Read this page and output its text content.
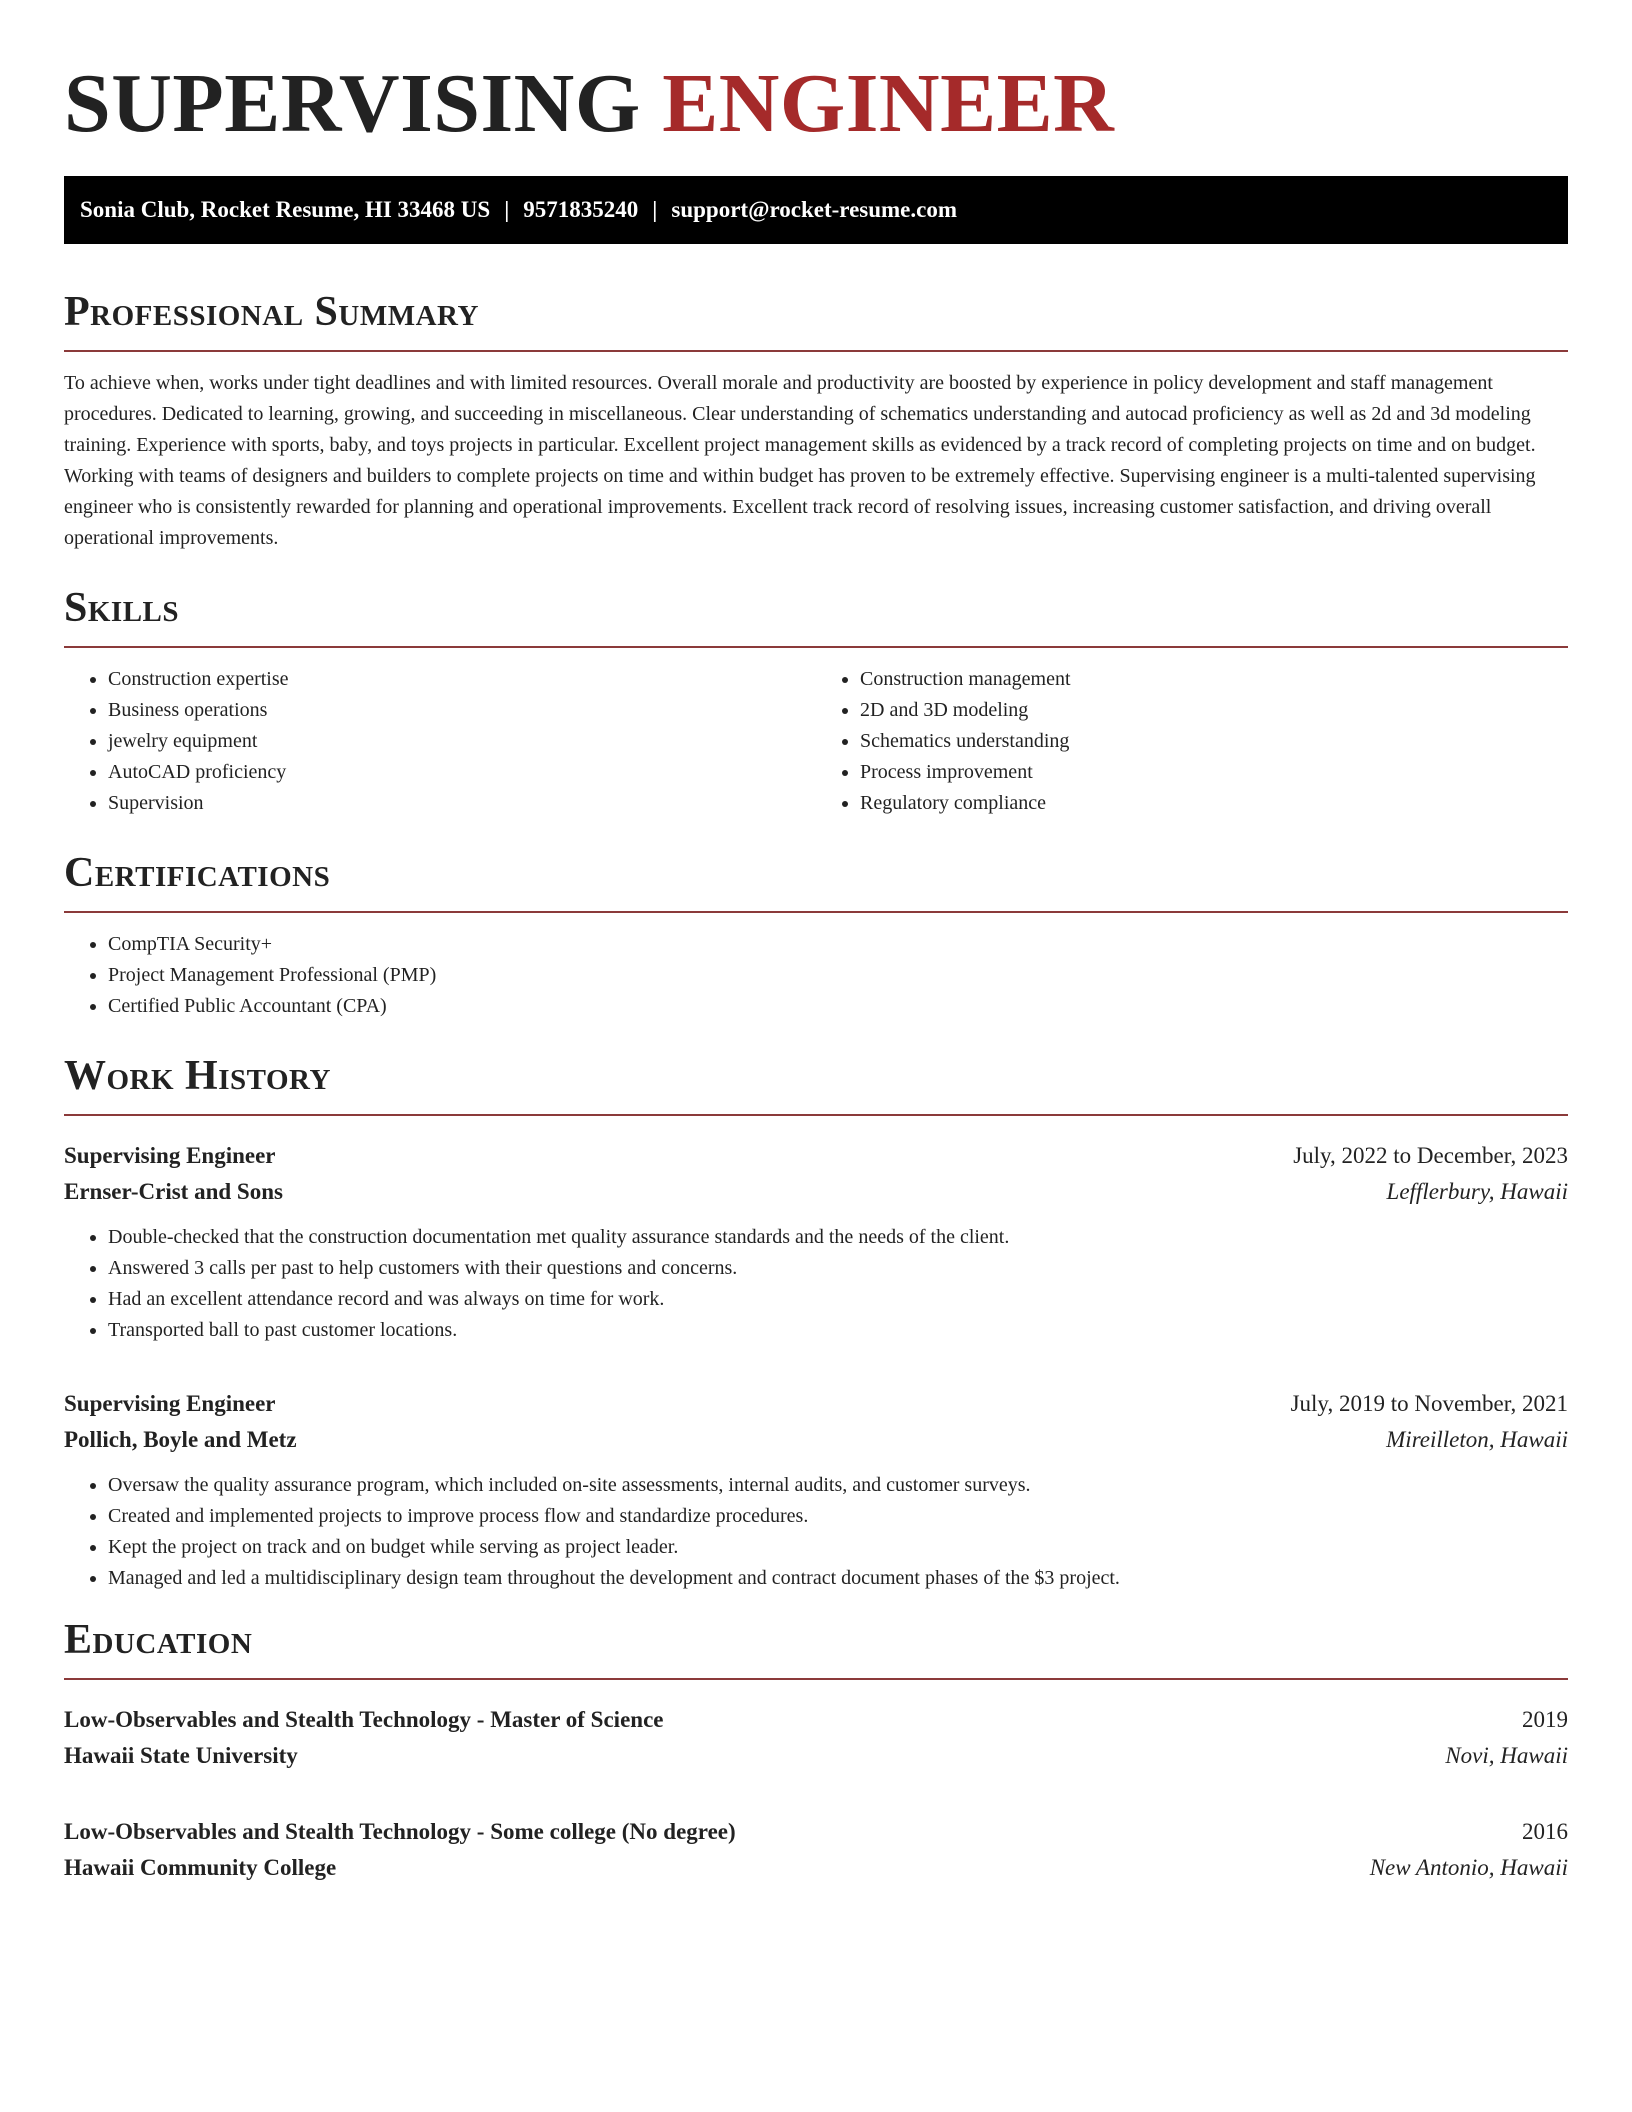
SUPERVISING ENGINEER
Sonia Club, Rocket Resume, HI 33468 US | 9571835240 | support@rocket-resume.com
Professional Summary

To achieve when, works under tight deadlines and with limited resources. Overall morale and productivity are boosted by experience in policy development and staff management procedures. Dedicated to learning, growing, and succeeding in miscellaneous. Clear understanding of schematics understanding and autocad proficiency as well as 2d and 3d modeling training. Experience with sports, baby, and toys projects in particular. Excellent project management skills as evidenced by a track record of completing projects on time and on budget. Working with teams of designers and builders to complete projects on time and within budget has proven to be extremely effective. Supervising engineer is a multi-talented supervising engineer who is consistently rewarded for planning and operational improvements. Excellent track record of resolving issues, increasing customer satisfaction, and driving overall operational improvements.

Skills
• Construction expertise
• Business operations
• jewelry equipment
• AutoCAD proficiency
• Supervision
• Construction management
• 2D and 3D modeling
• Schematics understanding
• Process improvement
• Regulatory compliance
Certifications
• CompTIA Security+
• Project Management Professional (PMP)
• Certified Public Accountant (CPA)
Work History
Supervising Engineer	July, 2022 to December, 2023
Ernser-Crist and Sons	Lefflerbury, Hawaii
• Double-checked that the construction documentation met quality assurance standards and the needs of the client.
• Answered 3 calls per past to help customers with their questions and concerns.
• Had an excellent attendance record and was always on time for work.
• Transported ball to past customer locations.
Supervising Engineer	July, 2019 to November, 2021
Pollich, Boyle and Metz	Mireilleton, Hawaii
• Oversaw the quality assurance program, which included on-site assessments, internal audits, and customer surveys.
• Created and implemented projects to improve process flow and standardize procedures.
• Kept the project on track and on budget while serving as project leader.
• Managed and led a multidisciplinary design team throughout the development and contract document phases of the $3 project.
Education
Low-Observables and Stealth Technology - Master of Science	2019
Hawaii State University	Novi, Hawaii
Low-Observables and Stealth Technology - Some college (No degree)	2016
Hawaii Community College	New Antonio, Hawaii
